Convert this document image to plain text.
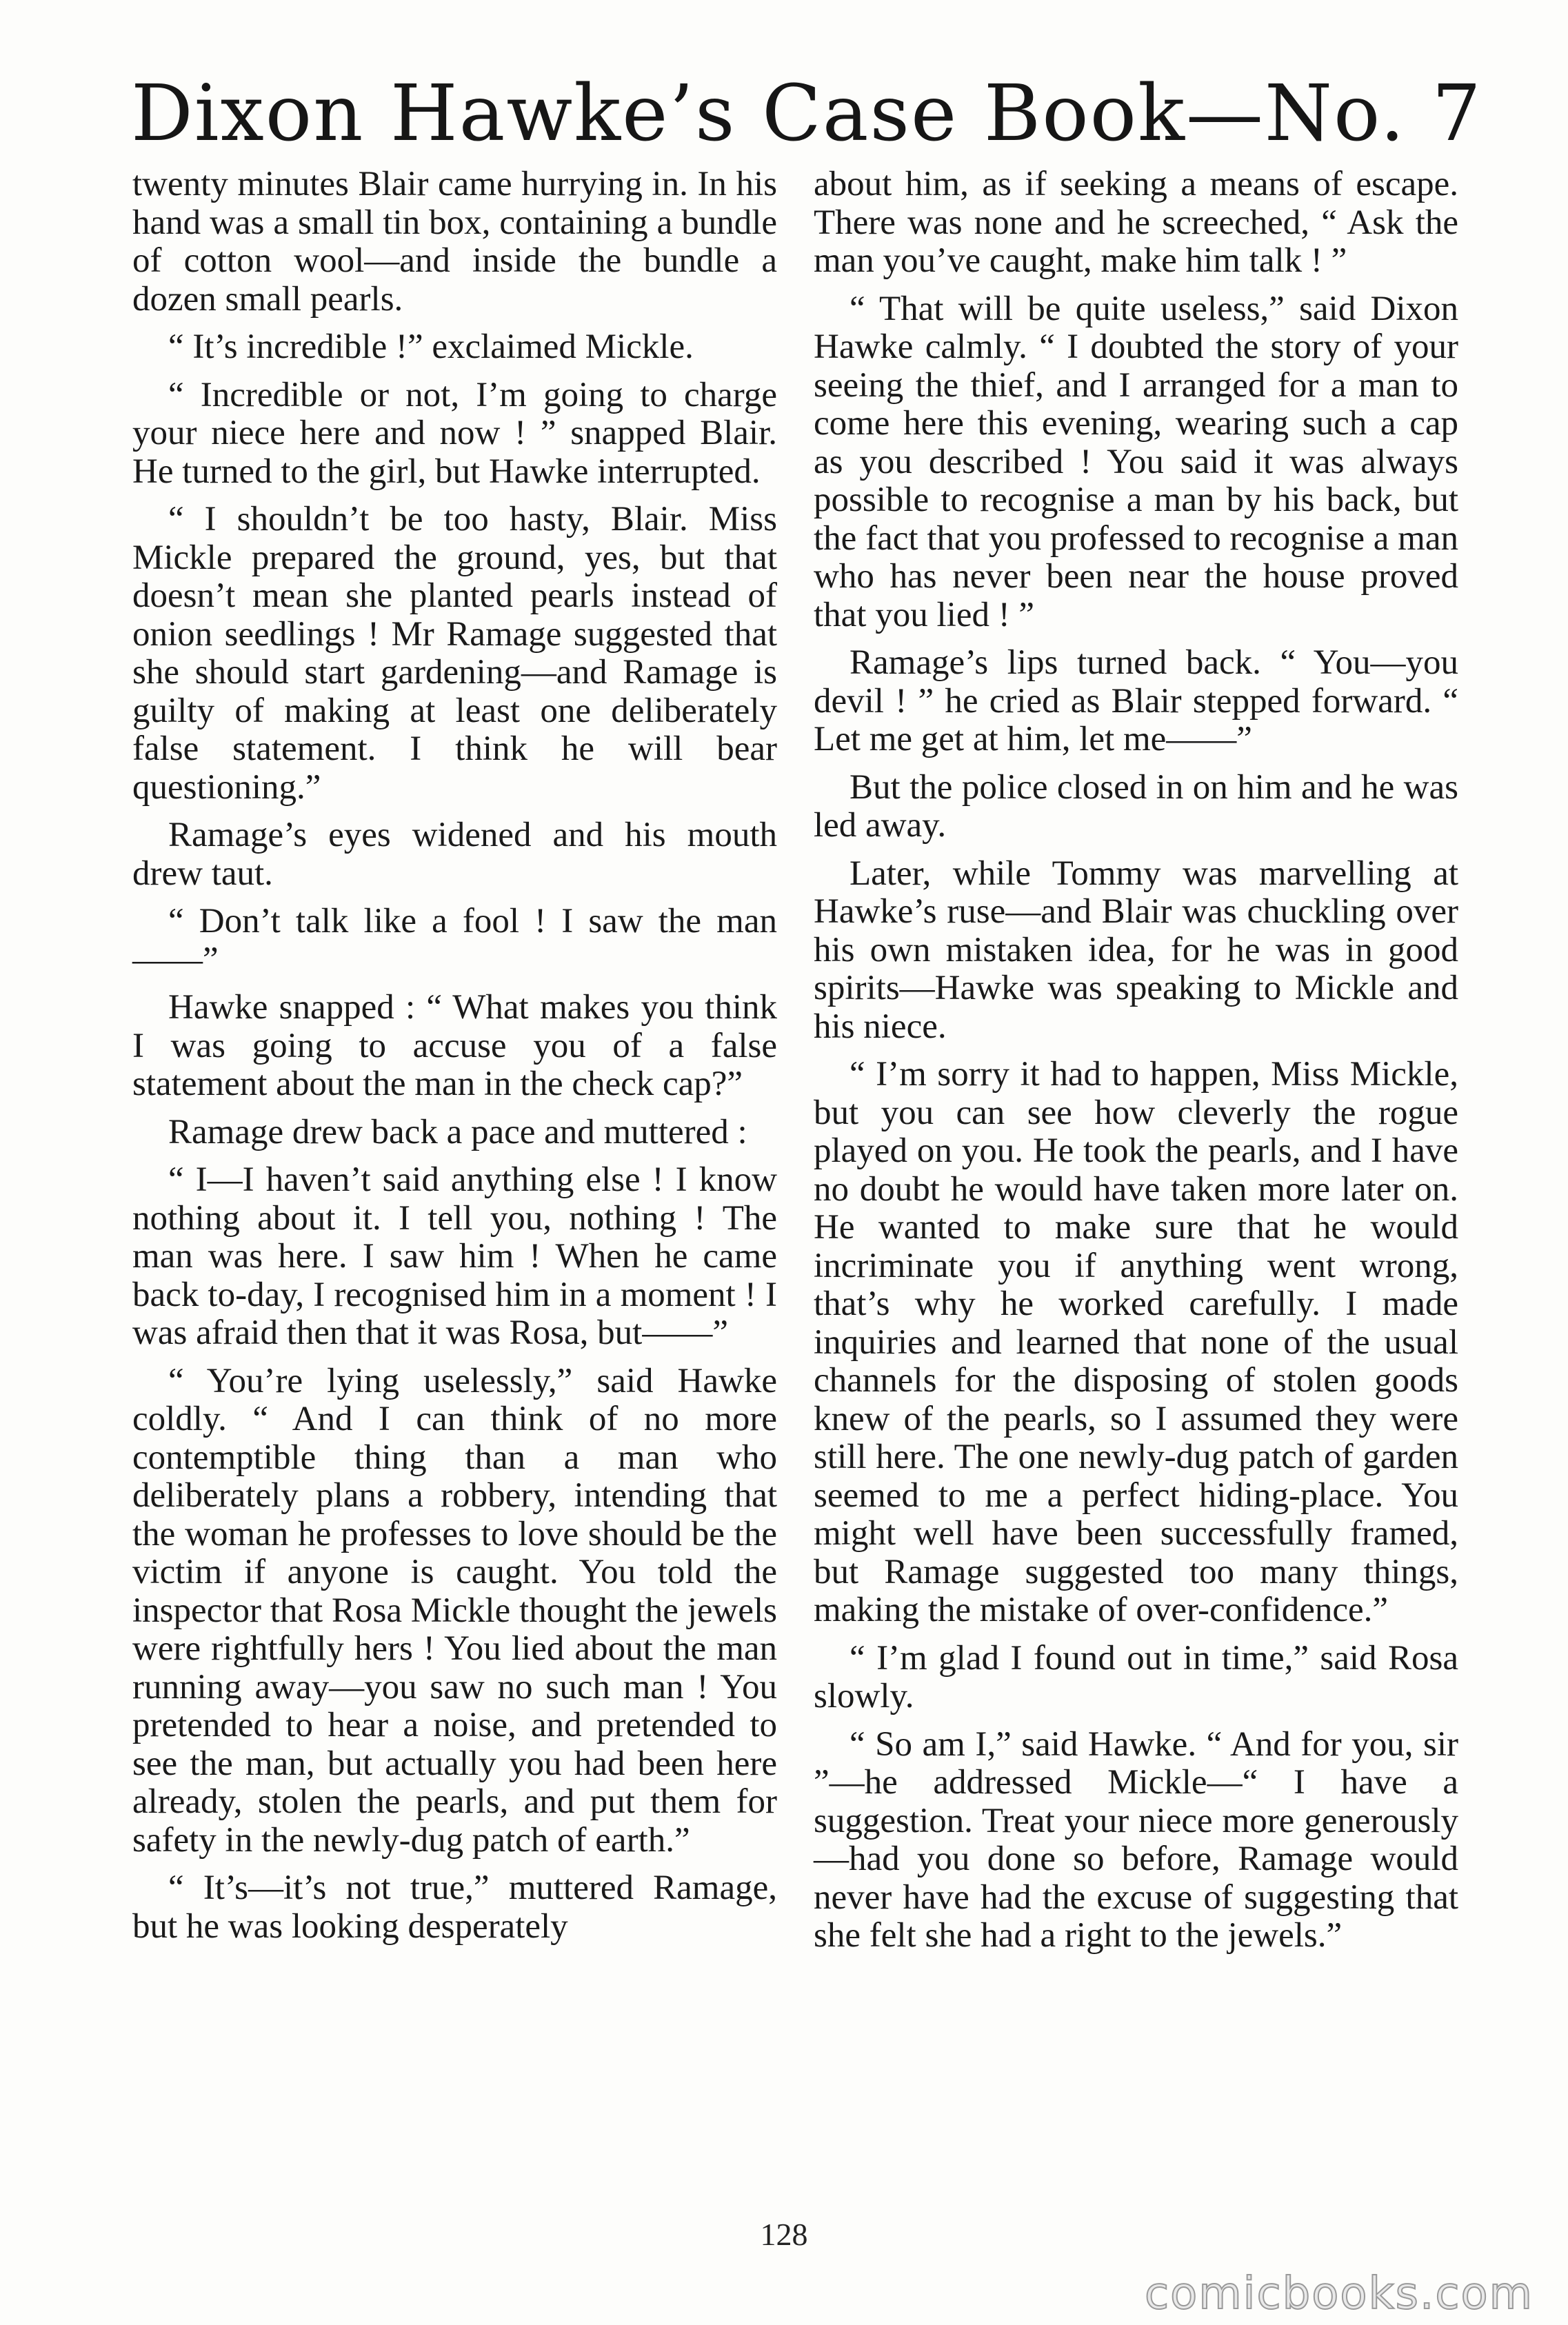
Dixon Hawke’s Case Book—No. 7

twenty minutes Blair came hurrying in. In his hand was a small tin box, containing a bundle of cotton wool—and inside the bundle a dozen small pearls.

“ It’s incredible !” exclaimed Mickle.

“ Incredible or not, I’m going to charge your niece here and now ! ” snapped Blair. He turned to the girl, but Hawke interrupted.

“ I shouldn’t be too hasty, Blair. Miss Mickle prepared the ground, yes, but that doesn’t mean she planted pearls instead of onion seedlings ! Mr Ramage suggested that she should start gardening—and Ramage is guilty of making at least one deliberately false statement. I think he will bear questioning.”

Ramage’s eyes widened and his mouth drew taut.

“ Don’t talk like a fool ! I saw the man——”

Hawke snapped : “ What makes you think I was going to accuse you of a false statement about the man in the check cap?”

Ramage drew back a pace and muttered :

“ I—I haven’t said anything else ! I know nothing about it. I tell you, nothing ! The man was here. I saw him ! When he came back to-day, I recognised him in a moment ! I was afraid then that it was Rosa, but——”

“ You’re lying uselessly,” said Hawke coldly. “ And I can think of no more contemptible thing than a man who deliberately plans a robbery, intending that the woman he professes to love should be the victim if anyone is caught. You told the inspector that Rosa Mickle thought the jewels were rightfully hers ! You lied about the man running away—you saw no such man ! You pretended to hear a noise, and pretended to see the man, but actually you had been here already, stolen the pearls, and put them for safety in the newly-dug patch of earth.”

“ It’s—it’s not true,” muttered Ramage, but he was looking desperately

about him, as if seeking a means of escape. There was none and he screeched, “ Ask the man you’ve caught, make him talk ! ”

“ That will be quite useless,” said Dixon Hawke calmly. “ I doubted the story of your seeing the thief, and I arranged for a man to come here this evening, wearing such a cap as you described ! You said it was always possible to recognise a man by his back, but the fact that you professed to recognise a man who has never been near the house proved that you lied ! ”

Ramage’s lips turned back. “ You—you devil ! ” he cried as Blair stepped forward. “ Let me get at him, let me——”

But the police closed in on him and he was led away.

Later, while Tommy was marvelling at Hawke’s ruse—and Blair was chuckling over his own mistaken idea, for he was in good spirits—Hawke was speaking to Mickle and his niece.

“ I’m sorry it had to happen, Miss Mickle, but you can see how cleverly the rogue played on you. He took the pearls, and I have no doubt he would have taken more later on. He wanted to make sure that he would incriminate you if anything went wrong, that’s why he worked carefully. I made inquiries and learned that none of the usual channels for the disposing of stolen goods knew of the pearls, so I assumed they were still here. The one newly-dug patch of garden seemed to me a perfect hiding-place. You might well have been successfully framed, but Ramage suggested too many things, making the mistake of over-confidence.”

“ I’m glad I found out in time,” said Rosa slowly.

“ So am I,” said Hawke. “ And for you, sir ”—he addressed Mickle—“ I have a suggestion. Treat your niece more generously—had you done so before, Ramage would never have had the excuse of suggesting that she felt she had a right to the jewels.”

128
comicbooks.com
